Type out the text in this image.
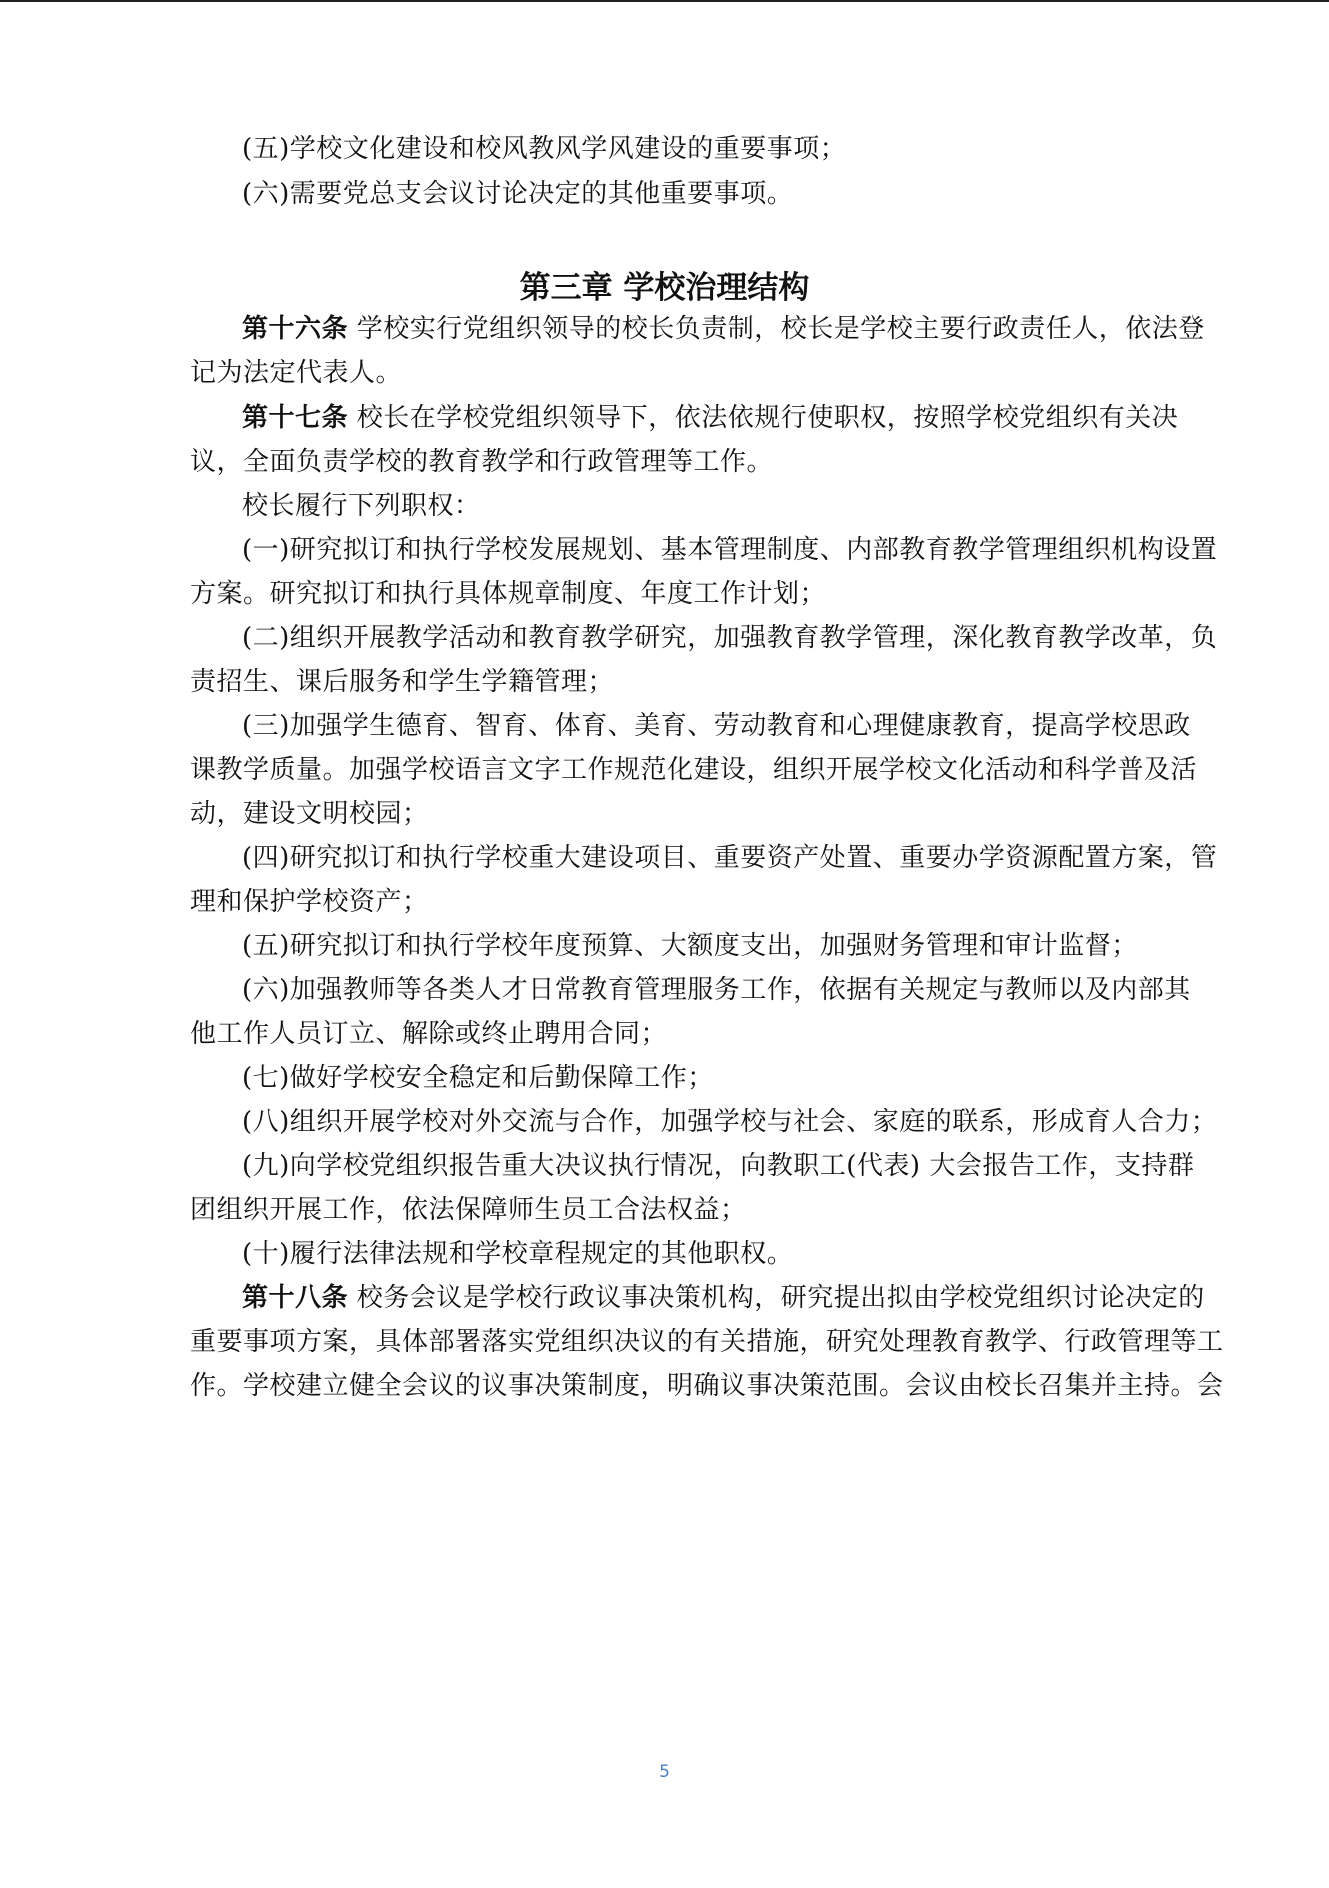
(五)学校文化建设和校风教风学风建设的重要事项；
(六)需要党总支会议讨论决定的其他重要事项。
第三章 学校治理结构
第十六条 学校实行党组织领导的校长负责制，校长是学校主要行政责任人，依法登
记为法定代表人。
第十七条 校长在学校党组织领导下，依法依规行使职权，按照学校党组织有关决
议，全面负责学校的教育教学和行政管理等工作。
校长履行下列职权：
(一)研究拟订和执行学校发展规划、基本管理制度、内部教育教学管理组织机构设置
方案。研究拟订和执行具体规章制度、年度工作计划；
(二)组织开展教学活动和教育教学研究，加强教育教学管理，深化教育教学改革，负
责招生、课后服务和学生学籍管理；
(三)加强学生德育、智育、体育、美育、劳动教育和心理健康教育，提高学校思政
课教学质量。加强学校语言文字工作规范化建设，组织开展学校文化活动和科学普及活
动，建设文明校园；
(四)研究拟订和执行学校重大建设项目、重要资产处置、重要办学资源配置方案，管
理和保护学校资产；
(五)研究拟订和执行学校年度预算、大额度支出，加强财务管理和审计监督；
(六)加强教师等各类人才日常教育管理服务工作，依据有关规定与教师以及内部其
他工作人员订立、解除或终止聘用合同；
(七)做好学校安全稳定和后勤保障工作；
(八)组织开展学校对外交流与合作，加强学校与社会、家庭的联系，形成育人合力；
(九)向学校党组织报告重大决议执行情况，向教职工(代表) 大会报告工作，支持群
团组织开展工作，依法保障师生员工合法权益；
(十)履行法律法规和学校章程规定的其他职权。
第十八条 校务会议是学校行政议事决策机构，研究提出拟由学校党组织讨论决定的
重要事项方案，具体部署落实党组织决议的有关措施，研究处理教育教学、行政管理等工
作。学校建立健全会议的议事决策制度，明确议事决策范围。会议由校长召集并主持。会
5
